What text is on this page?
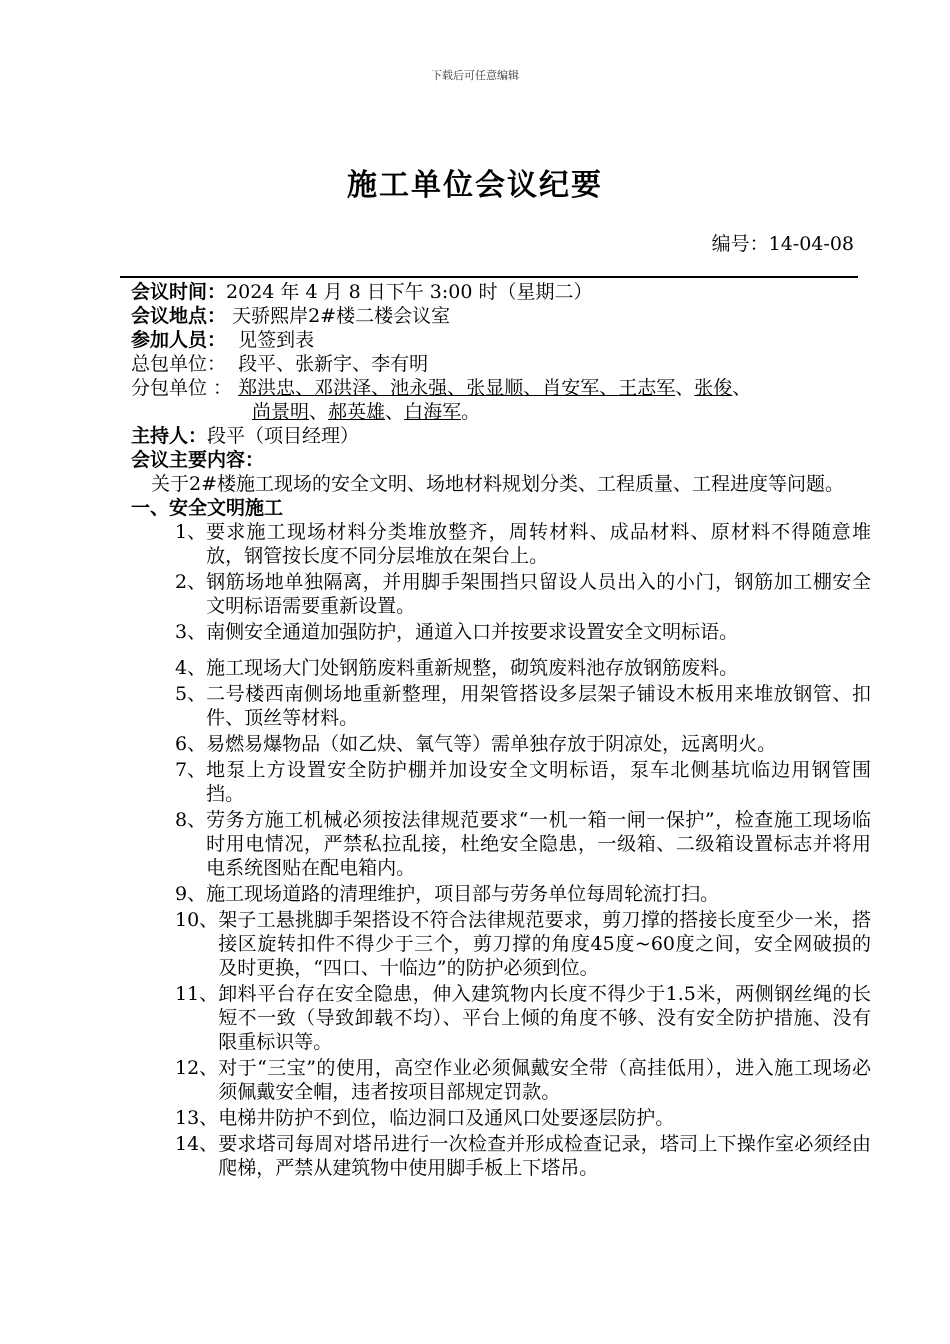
下载后可任意编辑
施工单位会议纪要
编号：14-04-08
会议时间：2024 年 4 月 8 日下午 3:00 时（星期二）
会议地点： 天骄熙岸2#楼二楼会议室
参加人员： 见签到表
总包单位： 段平、张新宇、李有明
分包单位 ： 郑洪忠、邓洪泽、池永强、张显顺、肖安军、王志军、张俊、
尚景明、郝英雄、白海军。
主持人：段平（项目经理）
会议主要内容：
关于2#楼施工现场的安全文明、场地材料规划分类、工程质量、工程进度等问题。
一、安全文明施工
1、 要求施工现场材料分类堆放整齐，周转材料、成品材料、原材料不得随意堆放，钢管按长度不同分层堆放在架台上。
2、 钢筋场地单独隔离，并用脚手架围挡只留设人员出入的小门，钢筋加工棚安全文明标语需要重新设置。
3、 南侧安全通道加强防护，通道入口并按要求设置安全文明标语。
4、 施工现场大门处钢筋废料重新规整，砌筑废料池存放钢筋废料。
5、 二号楼西南侧场地重新整理，用架管搭设多层架子铺设木板用来堆放钢管、扣件、顶丝等材料。
6、 易燃易爆物品（如乙炔、氧气等）需单独存放于阴凉处，远离明火。
7、 地泵上方设置安全防护棚并加设安全文明标语，泵车北侧基坑临边用钢管围挡。
8、 劳务方施工机械必须按法律规范要求“一机一箱一闸一保护”，检查施工现场临时用电情况，严禁私拉乱接，杜绝安全隐患，一级箱、二级箱设置标志并将用电系统图贴在配电箱内。
9、 施工现场道路的清理维护，项目部与劳务单位每周轮流打扫。
10、 架子工悬挑脚手架搭设不符合法律规范要求，剪刀撑的搭接长度至少一米，搭接区旋转扣件不得少于三个，剪刀撑的角度45度~60度之间，安全网破损的及时更换，“四口、十临边”的防护必须到位。
11、 卸料平台存在安全隐患，伸入建筑物内长度不得少于1.5米，两侧钢丝绳的长短不一致（导致卸载不均）、平台上倾的角度不够、没有安全防护措施、没有限重标识等。
12、 对于“三宝”的使用，高空作业必须佩戴安全带（高挂低用），进入施工现场必须佩戴安全帽，违者按项目部规定罚款。
13、 电梯井防护不到位，临边洞口及通风口处要逐层防护。
14、 要求塔司每周对塔吊进行一次检查并形成检查记录，塔司上下操作室必须经由爬梯，严禁从建筑物中使用脚手板上下塔吊。
